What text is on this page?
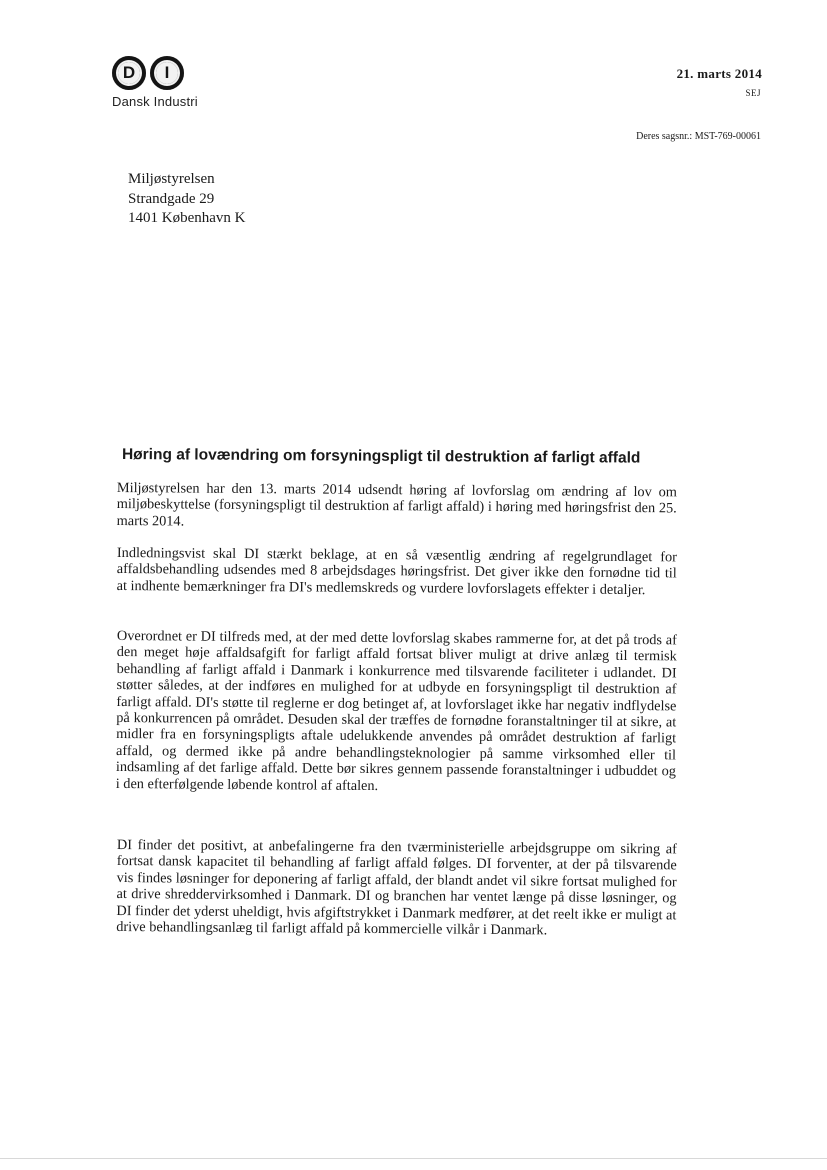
D	I
Dansk Industri
21. marts 2014
SEJ
Deres sagsnr.: MST-769-00061
Miljøstyrelsen
Strandgade 29
1401 København K
Høring af lovændring om forsyningspligt til destruktion af farligt affald
Miljøstyrelsen har den 13. marts 2014 udsendt høring af lovforslag om ændring af lov om miljøbeskyttelse (forsyningspligt til destruktion af farligt affald) i høring med høringsfrist den 25. marts 2014.
Indledningsvist skal DI stærkt beklage, at en så væsentlig ændring af regelgrundlaget for affaldsbehandling udsendes med 8 arbejdsdages høringsfrist. Det giver ikke den fornødne tid til at indhente bemærkninger fra DI's medlemskreds og vurdere lovforslagets effekter i detaljer.
Overordnet er DI tilfreds med, at der med dette lovforslag skabes rammerne for, at det på trods af den meget høje affaldsafgift for farligt affald fortsat bliver muligt at drive anlæg til termisk behandling af farligt affald i Danmark i konkurrence med tilsvarende faciliteter i udlandet. DI støtter således, at der indføres en mulighed for at udbyde en forsyningspligt til destruktion af farligt affald. DI's støtte til reglerne er dog betinget af, at lovforslaget ikke har negativ indflydelse på konkurrencen på området. Desuden skal der træffes de fornødne foranstaltninger til at sikre, at midler fra en forsyningspligts aftale udelukkende anvendes på området destruktion af farligt affald, og dermed ikke på andre behandlingsteknologier på samme virksomhed eller til indsamling af det farlige affald. Dette bør sikres gennem passende foranstaltninger i udbuddet og i den efterfølgende løbende kontrol af aftalen.
DI finder det positivt, at anbefalingerne fra den tværministerielle arbejdsgruppe om sikring af fortsat dansk kapacitet til behandling af farligt affald følges. DI forventer, at der på tilsvarende vis findes løsninger for deponering af farligt affald, der blandt andet vil sikre fortsat mulighed for at drive shreddervirksomhed i Danmark. DI og branchen har ventet længe på disse løsninger, og DI finder det yderst uheldigt, hvis afgiftstrykket i Danmark medfører, at det reelt ikke er muligt at drive behandlingsanlæg til farligt affald på kommercielle vilkår i Danmark.
